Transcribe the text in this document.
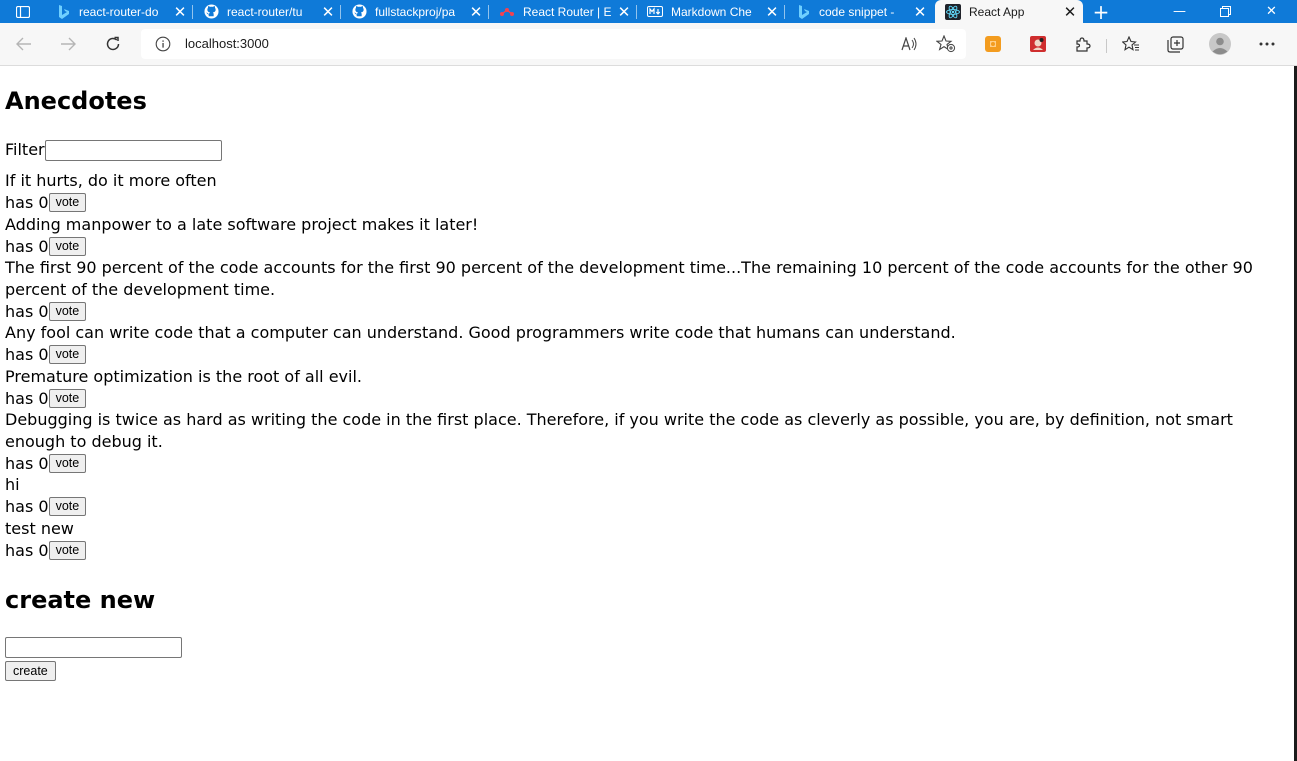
react-router-do	✕	react-router/tu	✕	fullstackproj/pa ✕	React Router | E ✕	Markdown Che ✕	code snippet -	✕	React App	✕ +	—	✕
localhost:3000
Anecdotes
Filter
If it hurts, do it more often
has
0 vote
Adding manpower to a late software project makes it later!
has
0 vote
The first 90 percent of the code accounts for the first 90 percent of the development time...The remaining 10 percent of the code accounts for the other 90 percent of the development time.
has
0 vote
Any fool can write code that a computer can understand. Good programmers write code that humans can understand.
has
0 vote
Premature optimization is the root of all evil.
has
0 vote
Debugging is twice as hard as writing the code in the first place. Therefore, if you write the code as cleverly as possible, you are, by definition, not smart enough to debug it.
has
0 vote
hi
has
0 vote
test new
has
0 vote
create new
create
